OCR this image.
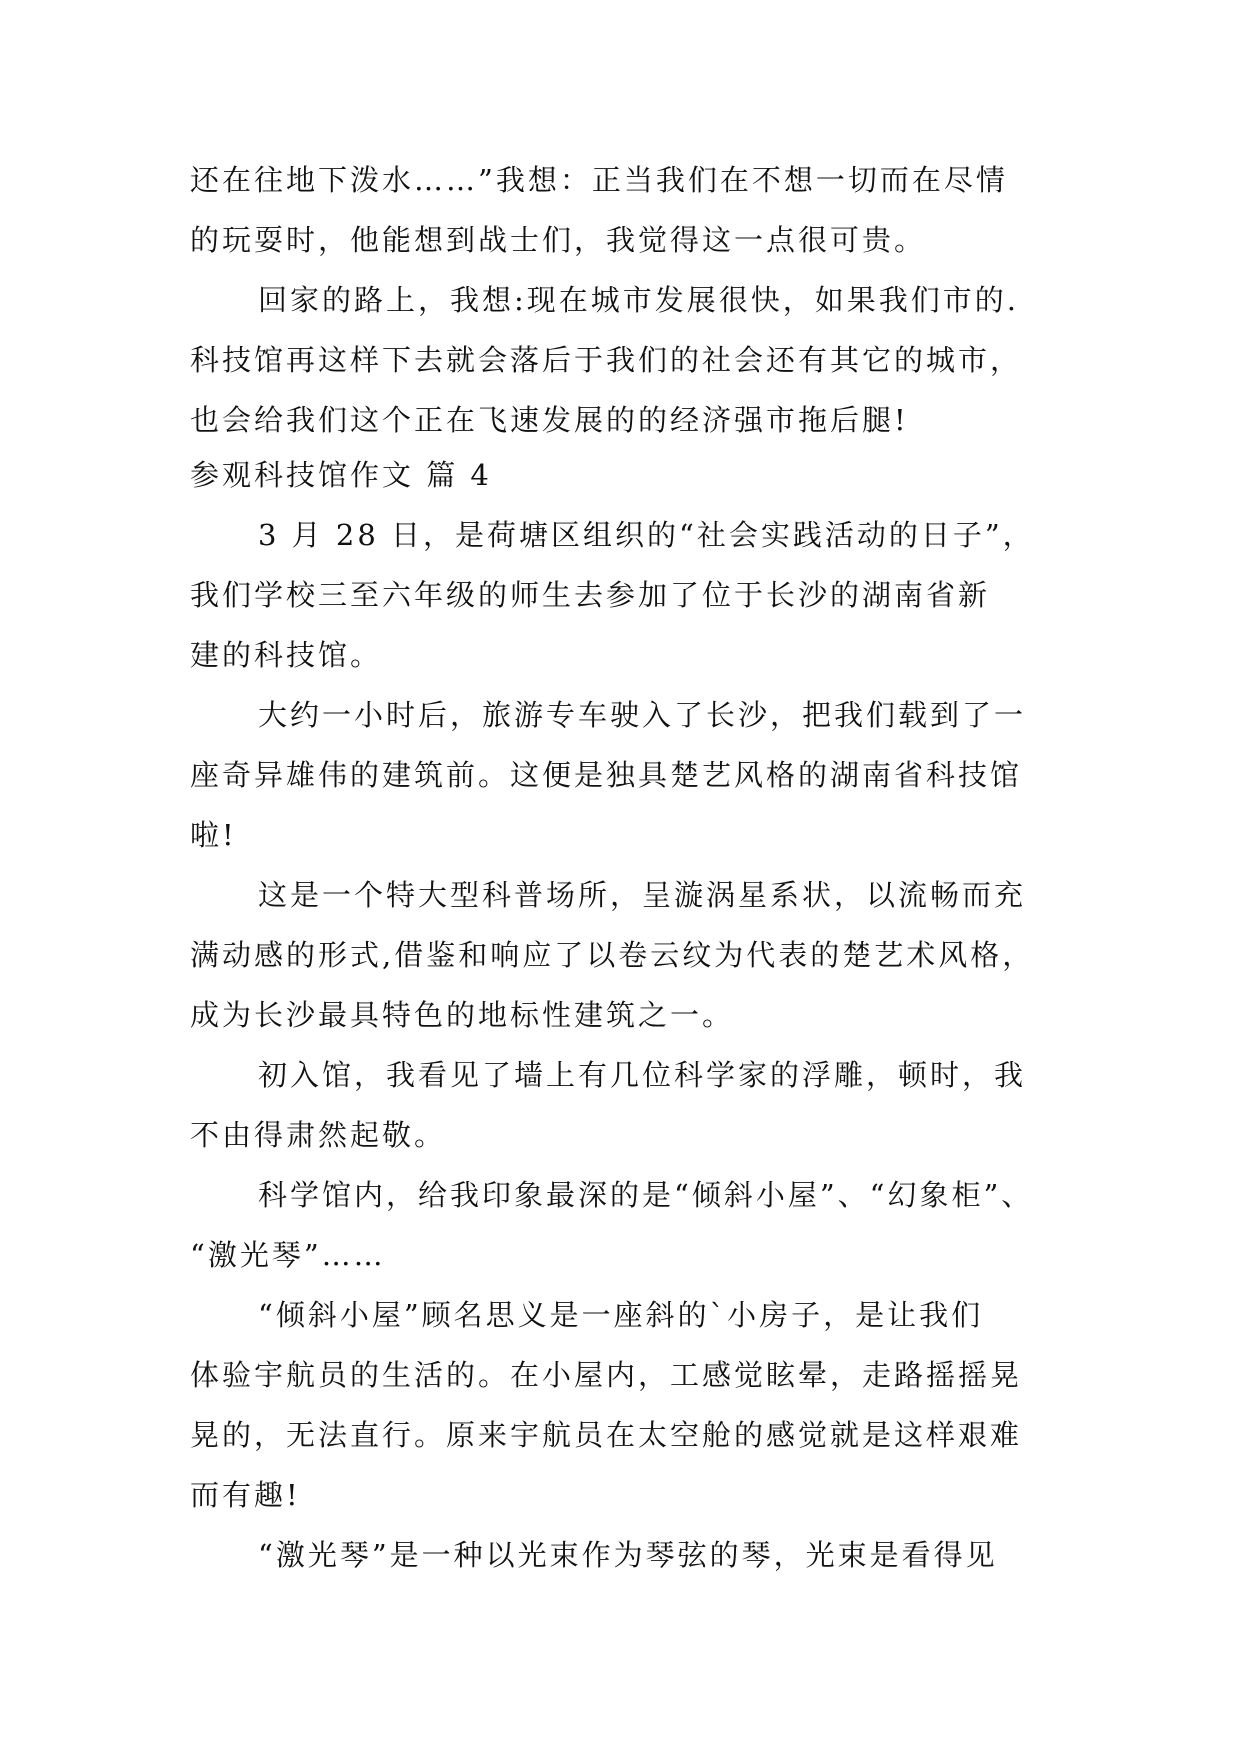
还在往地下泼水……”我想：正当我们在不想一切而在尽情
的玩耍时，他能想到战士们，我觉得这一点很可贵。
回家的路上，我想:现在城市发展很快，如果我们市的.
科技馆再这样下去就会落后于我们的社会还有其它的城市，
也会给我们这个正在飞速发展的的经济强市拖后腿!
参观科技馆作文 篇 4
3 月 28 日，是荷塘区组织的“社会实践活动的日子”，
我们学校三至六年级的师生去参加了位于长沙的湖南省新
建的科技馆。
大约一小时后，旅游专车驶入了长沙，把我们载到了一
座奇异雄伟的建筑前。这便是独具楚艺风格的湖南省科技馆
啦!
这是一个特大型科普场所，呈漩涡星系状，以流畅而充
满动感的形式,借鉴和响应了以卷云纹为代表的楚艺术风格，
成为长沙最具特色的地标性建筑之一。
初入馆，我看见了墙上有几位科学家的浮雕，顿时，我
不由得肃然起敬。
科学馆内，给我印象最深的是“倾斜小屋”、“幻象柜”、
“激光琴”……
“倾斜小屋”顾名思义是一座斜的`小房子，是让我们
体验宇航员的生活的。在小屋内，工感觉眩晕，走路摇摇晃
晃的，无法直行。原来宇航员在太空舱的感觉就是这样艰难
而有趣!
“激光琴”是一种以光束作为琴弦的琴，光束是看得见
